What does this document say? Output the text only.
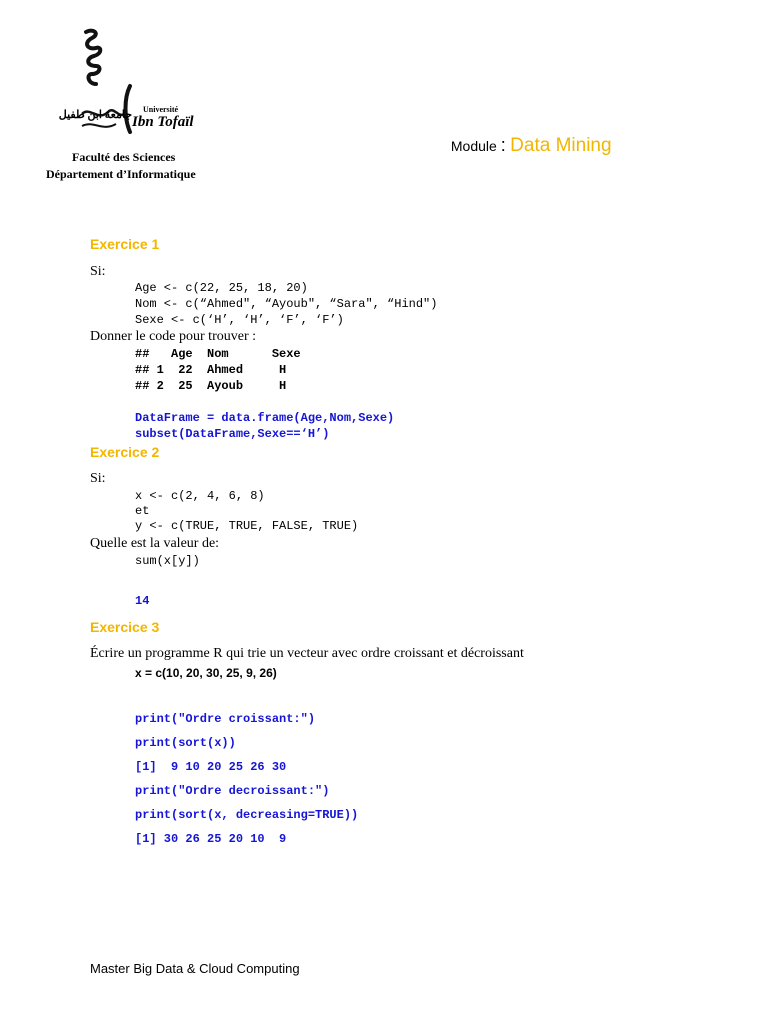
Université
Ibn Tofaïl
جامعة ابن طفيل
Faculté des Sciences
Département d’Informatique

Module : Data Mining

Exercice 1
Si:
Age <- c(22, 25, 18, 20)
Nom <- c(“Ahmed", “Ayoub", “Sara", “Hind")
Sexe <- c(‘H’, ‘H’, ‘F’, ‘F’)
Donner le code pour trouver :
##   Age  Nom      Sexe
## 1  22  Ahmed     H
## 2  25  Ayoub     H
DataFrame = data.frame(Age,Nom,Sexe)
subset(DataFrame,Sexe==‘H’)
Exercice 2
Si:
x <- c(2, 4, 6, 8)
et
y <- c(TRUE, TRUE, FALSE, TRUE)
Quelle est la valeur de:
sum(x[y])
14
Exercice 3
Écrire un programme R qui trie un vecteur avec ordre croissant et décroissant
x = c(10, 20, 30, 25, 9, 26)
print("Ordre croissant:")
print(sort(x))
[1]  9 10 20 25 26 30
print("Ordre decroissant:")
print(sort(x, decreasing=TRUE))
[1] 30 26 25 20 10  9
Master Big Data & Cloud Computing
